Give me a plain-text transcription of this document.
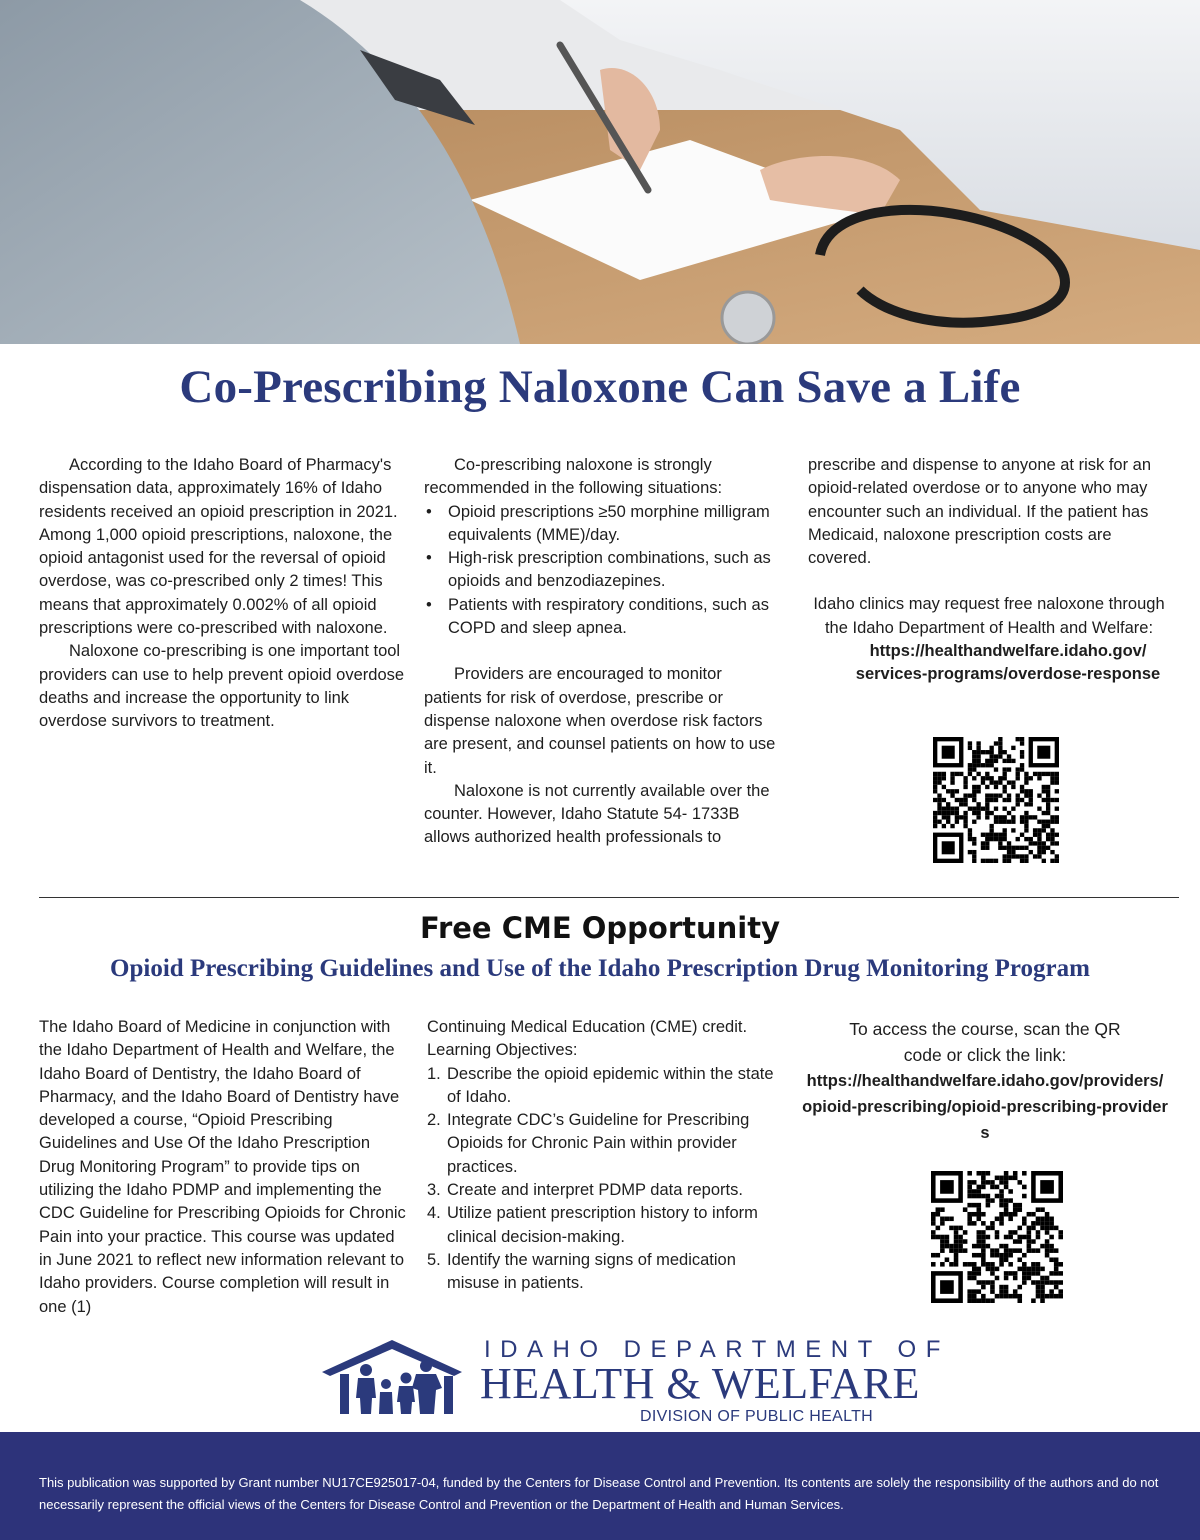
Co-Prescribing Naloxone Can Save a Life

According to the Idaho Board of Pharmacy's dispensation data, approximately 16% of Idaho residents received an opioid prescription in 2021. Among 1,000 opioid prescriptions, naloxone, the opioid antagonist used for the reversal of opioid overdose, was co-prescribed only 2 times! This means that approximately 0.002% of all opioid prescriptions were co-prescribed with naloxone.

Naloxone co-prescribing is one important tool providers can use to help prevent opioid overdose deaths and increase the opportunity to link overdose survivors to treatment.

Co-prescribing naloxone is strongly recommended in the following situations:

• Opioid prescriptions ≥50 morphine milligram equivalents (MME)/day.
• High-risk prescription combinations, such as opioids and benzodiazepines.
• Patients with respiratory conditions, such as COPD and sleep apnea.

Providers are encouraged to monitor patients for risk of overdose, prescribe or dispense naloxone when overdose risk factors are present, and counsel patients on how to use it.

Naloxone is not currently available over the counter. However, Idaho Statute 54- 1733B allows authorized health professionals to

prescribe and dispense to anyone at risk for an opioid-related overdose or to anyone who may encounter such an individual. If the patient has Medicaid, naloxone prescription costs are covered.

Idaho clinics may request free naloxone through the Idaho Department of Health and Welfare:

https://healthandwelfare.idaho.gov/

services-programs/overdose-response

Free CME Opportunity
Opioid Prescribing Guidelines and Use of the Idaho Prescription Drug Monitoring Program

The Idaho Board of Medicine in conjunction with the Idaho Department of Health and Welfare, the Idaho Board of Dentistry, the Idaho Board of Pharmacy, and the Idaho Board of Dentistry have developed a course, “Opioid Prescribing Guidelines and Use Of the Idaho Prescription Drug Monitoring Program” to provide tips on utilizing the Idaho PDMP and implementing the CDC Guideline for Prescribing Opioids for Chronic Pain into your practice. This course was updated in June 2021 to reflect new information relevant to Idaho providers. Course completion will result in one (1)

Continuing Medical Education (CME) credit. Learning Objectives:

1. Describe the opioid epidemic within the state of Idaho.
2. Integrate CDC’s Guideline for Prescribing Opioids for Chronic Pain within provider practices.
3. Create and interpret PDMP data reports.
4. Utilize patient prescription history to inform clinical decision-making.
5. Identify the warning signs of medication misuse in patients.

To access the course, scan the QR code or click the link:

https://healthandwelfare.idaho.gov/providers/opioid-prescribing/opioid-prescribing-providers

IDAHO DEPARTMENT OF
HEALTH & WELFARE
DIVISION OF PUBLIC HEALTH

This publication was supported by Grant number NU17CE925017-04, funded by the Centers for Disease Control and Prevention. Its contents are solely the responsibility of the authors and do not necessarily represent the official views of the Centers for Disease Control and Prevention or the Department of Health and Human Services.
